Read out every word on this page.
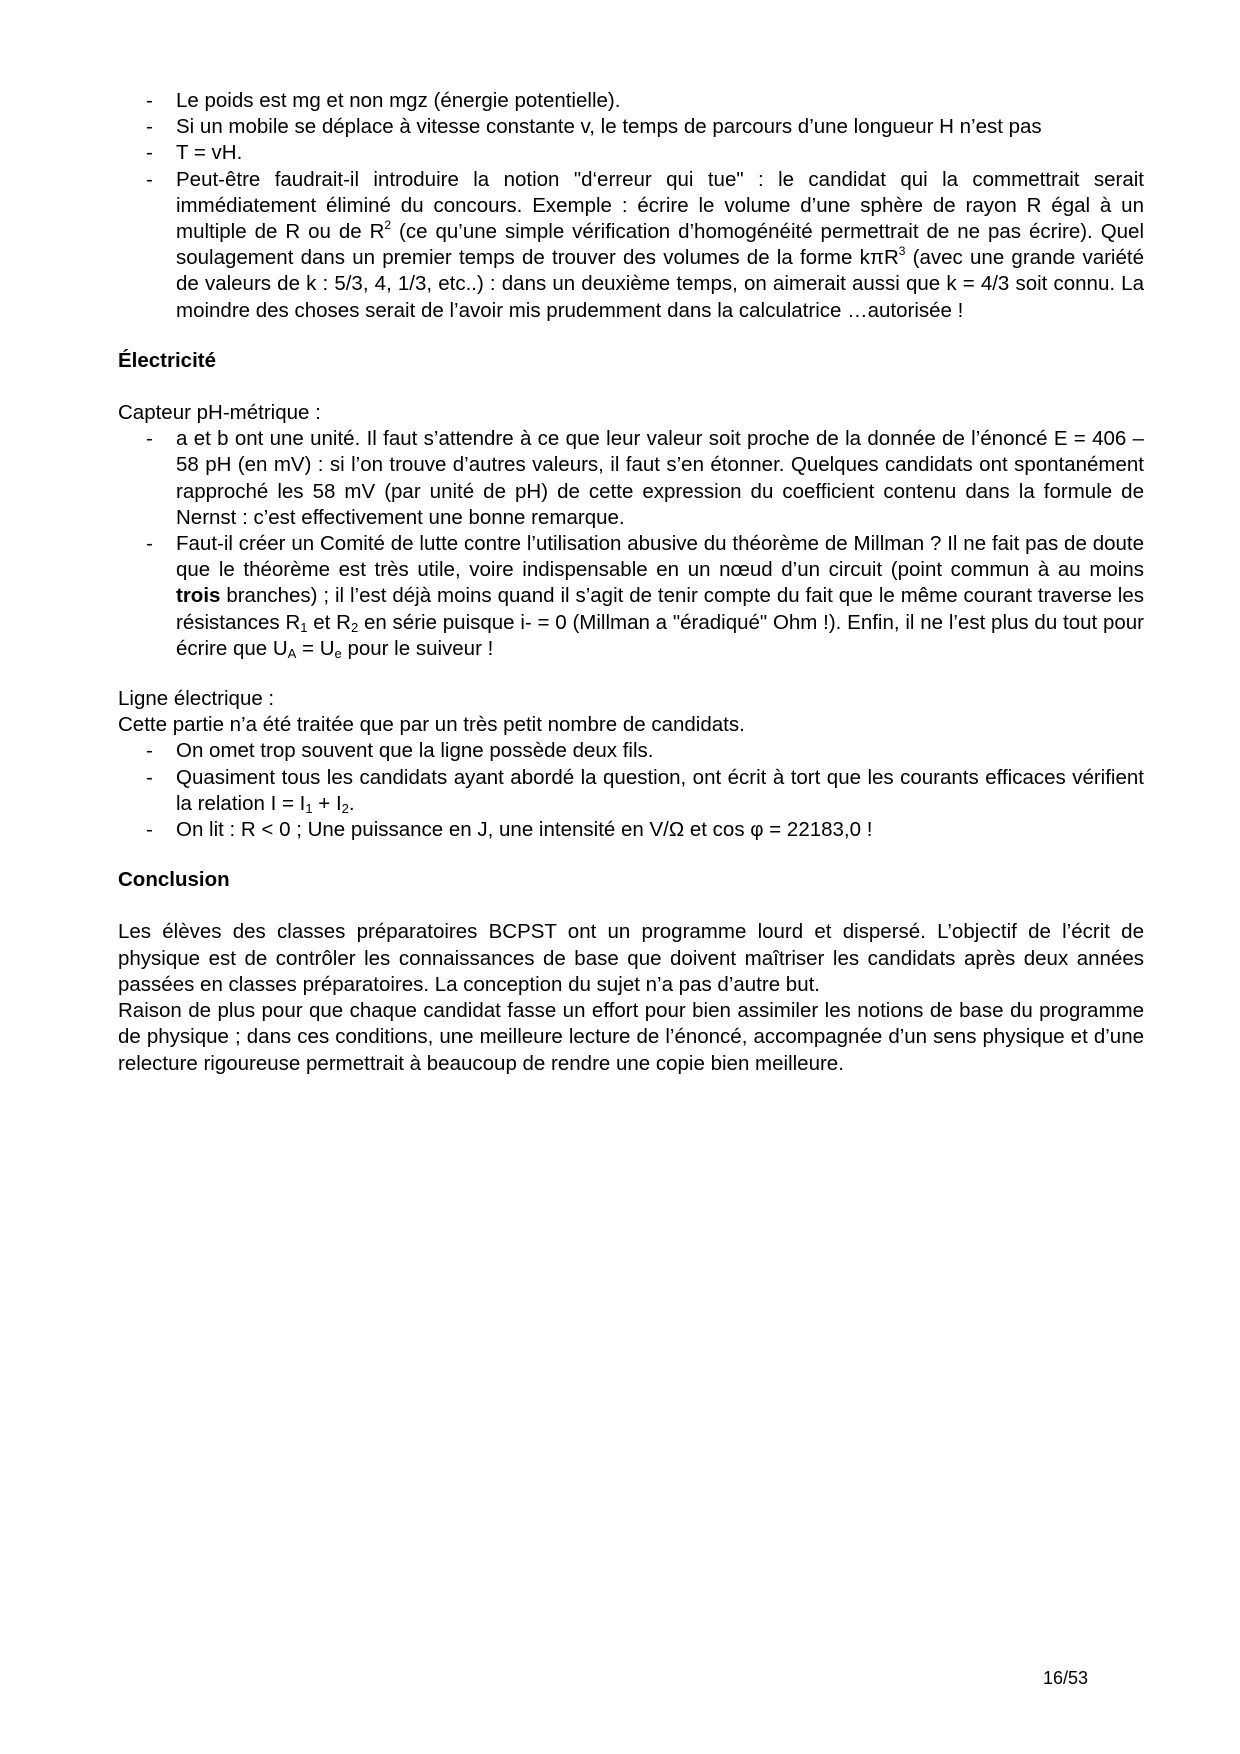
- Le poids est mg et non mgz (énergie potentielle).
- Si un mobile se déplace à vitesse constante v, le temps de parcours d’une longueur H n’est pas
- T = vH.
- Peut-être faudrait-il introduire la notion "d‘erreur qui tue" : le candidat qui la commettrait serait immédiatement éliminé du concours. Exemple : écrire le volume d’une sphère de rayon R égal à un multiple de R ou de $R^2$ (ce qu’une simple vérification d’homogénéité permettrait de ne pas écrire). Quel soulagement dans un premier temps de trouver des volumes de la forme kπR$^3$ (avec une grande variété de valeurs de k : 5/3, 4, 1/3, etc..) : dans un deuxième temps, on aimerait aussi que k = 4/3 soit connu. La moindre des choses serait de l’avoir mis prudemment dans la calculatrice …autorisée !

Électricité

Capteur pH-métrique :

- a et b ont une unité. Il faut s’attendre à ce que leur valeur soit proche de la donnée de l’énoncé E = 406 – 58 pH (en mV) : si l’on trouve d’autres valeurs, il faut s’en étonner. Quelques candidats ont spontanément rapproché les 58 mV (par unité de pH) de cette expression du coefficient contenu dans la formule de Nernst : c’est effectivement une bonne remarque.
- Faut-il créer un Comité de lutte contre l’utilisation abusive du théorème de Millman ? Il ne fait pas de doute que le théorème est très utile, voire indispensable en un nœud d’un circuit (point commun à au moins trois branches) ; il l’est déjà moins quand il s’agit de tenir compte du fait que le même courant traverse les résistances $R_1$ et $R_2$ en série puisque i- = 0 (Millman a "éradiqué" Ohm !). Enfin, il ne l’est plus du tout pour écrire que $U_A = U_e$ pour le suiveur !

Ligne électrique :

Cette partie n’a été traitée que par un très petit nombre de candidats.

- On omet trop souvent que la ligne possède deux fils.
- Quasiment tous les candidats ayant abordé la question, ont écrit à tort que les courants efficaces vérifient la relation $I = I_1 + I_2$.
- On lit : R < 0 ; Une puissance en J, une intensité en V/Ω et cos φ = 22183,0 !

Conclusion

Les élèves des classes préparatoires BCPST ont un programme lourd et dispersé. L’objectif de l’écrit de physique est de contrôler les connaissances de base que doivent maîtriser les candidats après deux années passées en classes préparatoires. La conception du sujet n’a pas d’autre but.

Raison de plus pour que chaque candidat fasse un effort pour bien assimiler les notions de base du programme de physique ; dans ces conditions, une meilleure lecture de l’énoncé, accompagnée d’un sens physique et d’une relecture rigoureuse permettrait à beaucoup de rendre une copie bien meilleure.

16/53
